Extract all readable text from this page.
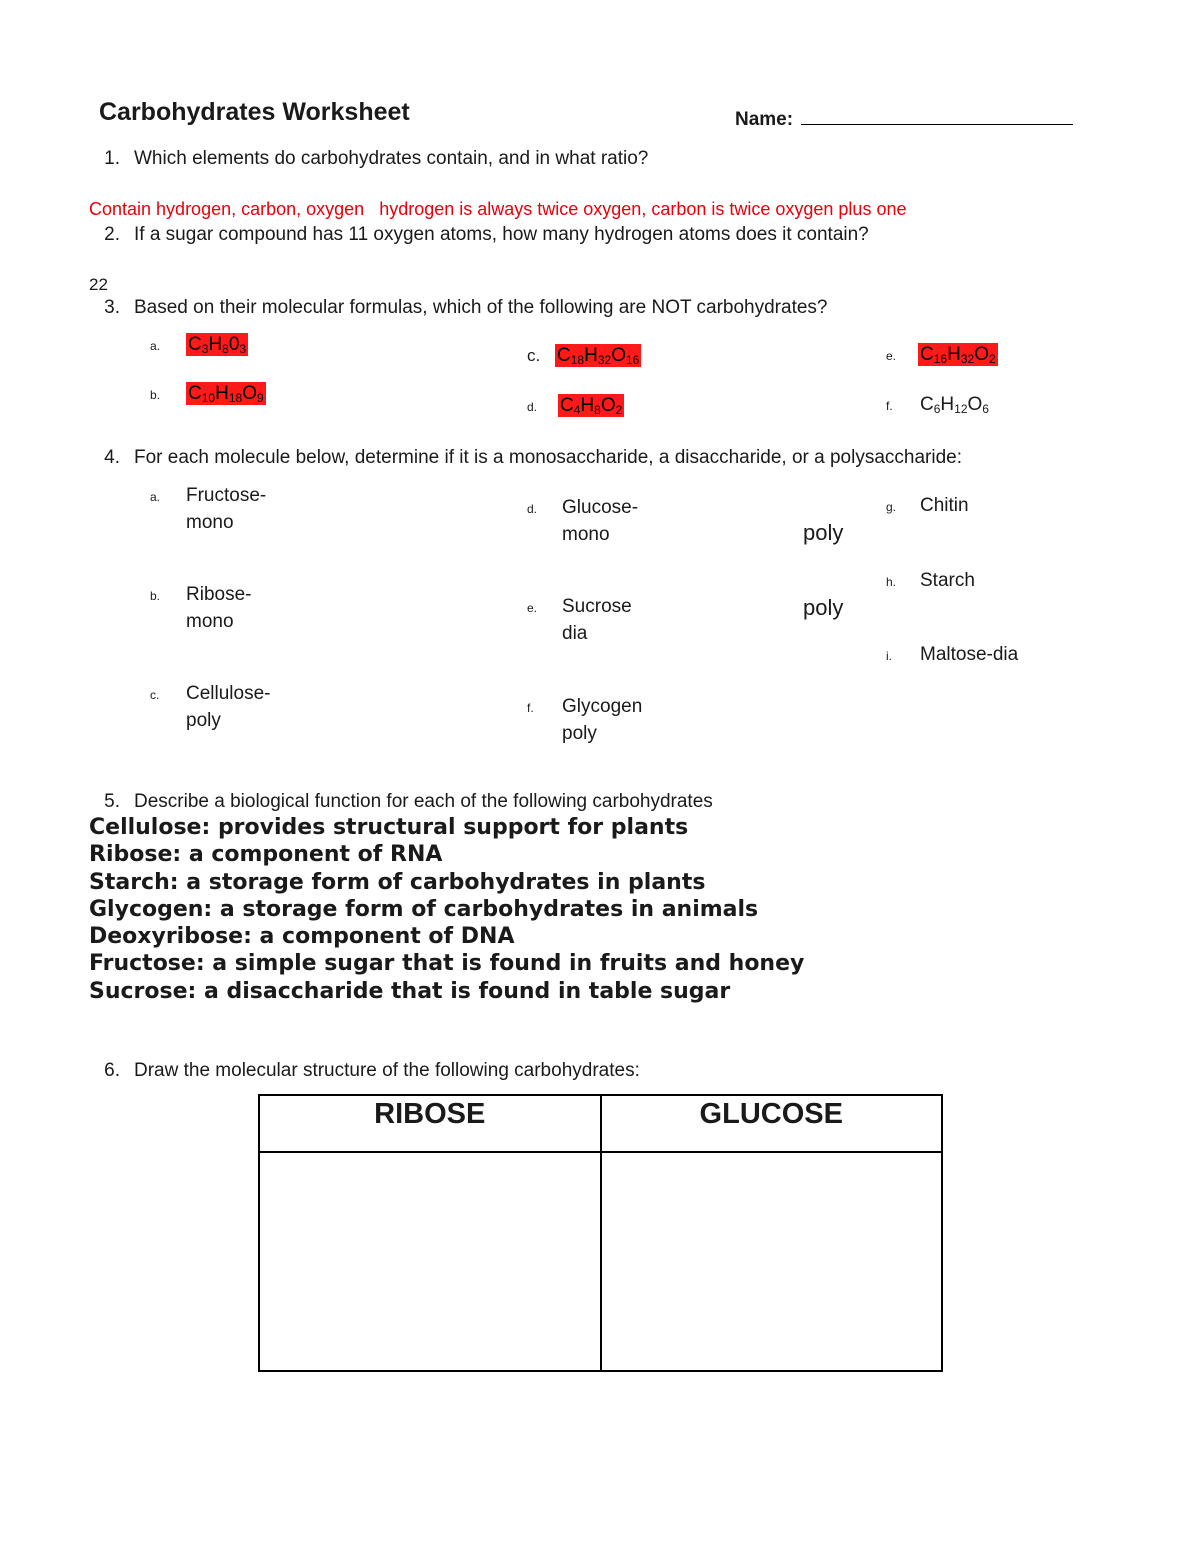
Carbohydrates Worksheet	Name:
1. Which elements do carbohydrates contain, and in what ratio?
Contain hydrogen, carbon, oxygen   hydrogen is always twice oxygen, carbon is twice oxygen plus one
2. If a sugar compound has 11 oxygen atoms, how many hydrogen atoms does it contain?
22
3. Based on their molecular formulas, which of the following are NOT carbohydrates?
a. $C_3H_80_3$
b. $C_{10}H_{18}O_9$
c. $C_{18}H_{32}O_{16}$
d. $C_4H_8O_2$
e. $C_{16}H_{32}O_2$
f. $C_6H_{12}O_6$
4. For each molecule below, determine if it is a monosaccharide, a disaccharide, or a polysaccharide:
a. Fructose-
mono
b. Ribose-
mono
c. Cellulose-
poly
d. Glucose-
mono
e. Sucrose
dia
f. Glycogen
poly
poly
poly
g. Chitin
h. Starch
i. Maltose-dia
5. Describe a biological function for each of the following carbohydrates
Cellulose: provides structural support for plants
Ribose: a component of RNA
Starch: a storage form of carbohydrates in plants
Glycogen: a storage form of carbohydrates in animals
Deoxyribose: a component of DNA
Fructose: a simple sugar that is found in fruits and honey
Sucrose: a disaccharide that is found in table sugar
6. Draw the molecular structure of the following carbohydrates:
RIBOSE	GLUCOSE
